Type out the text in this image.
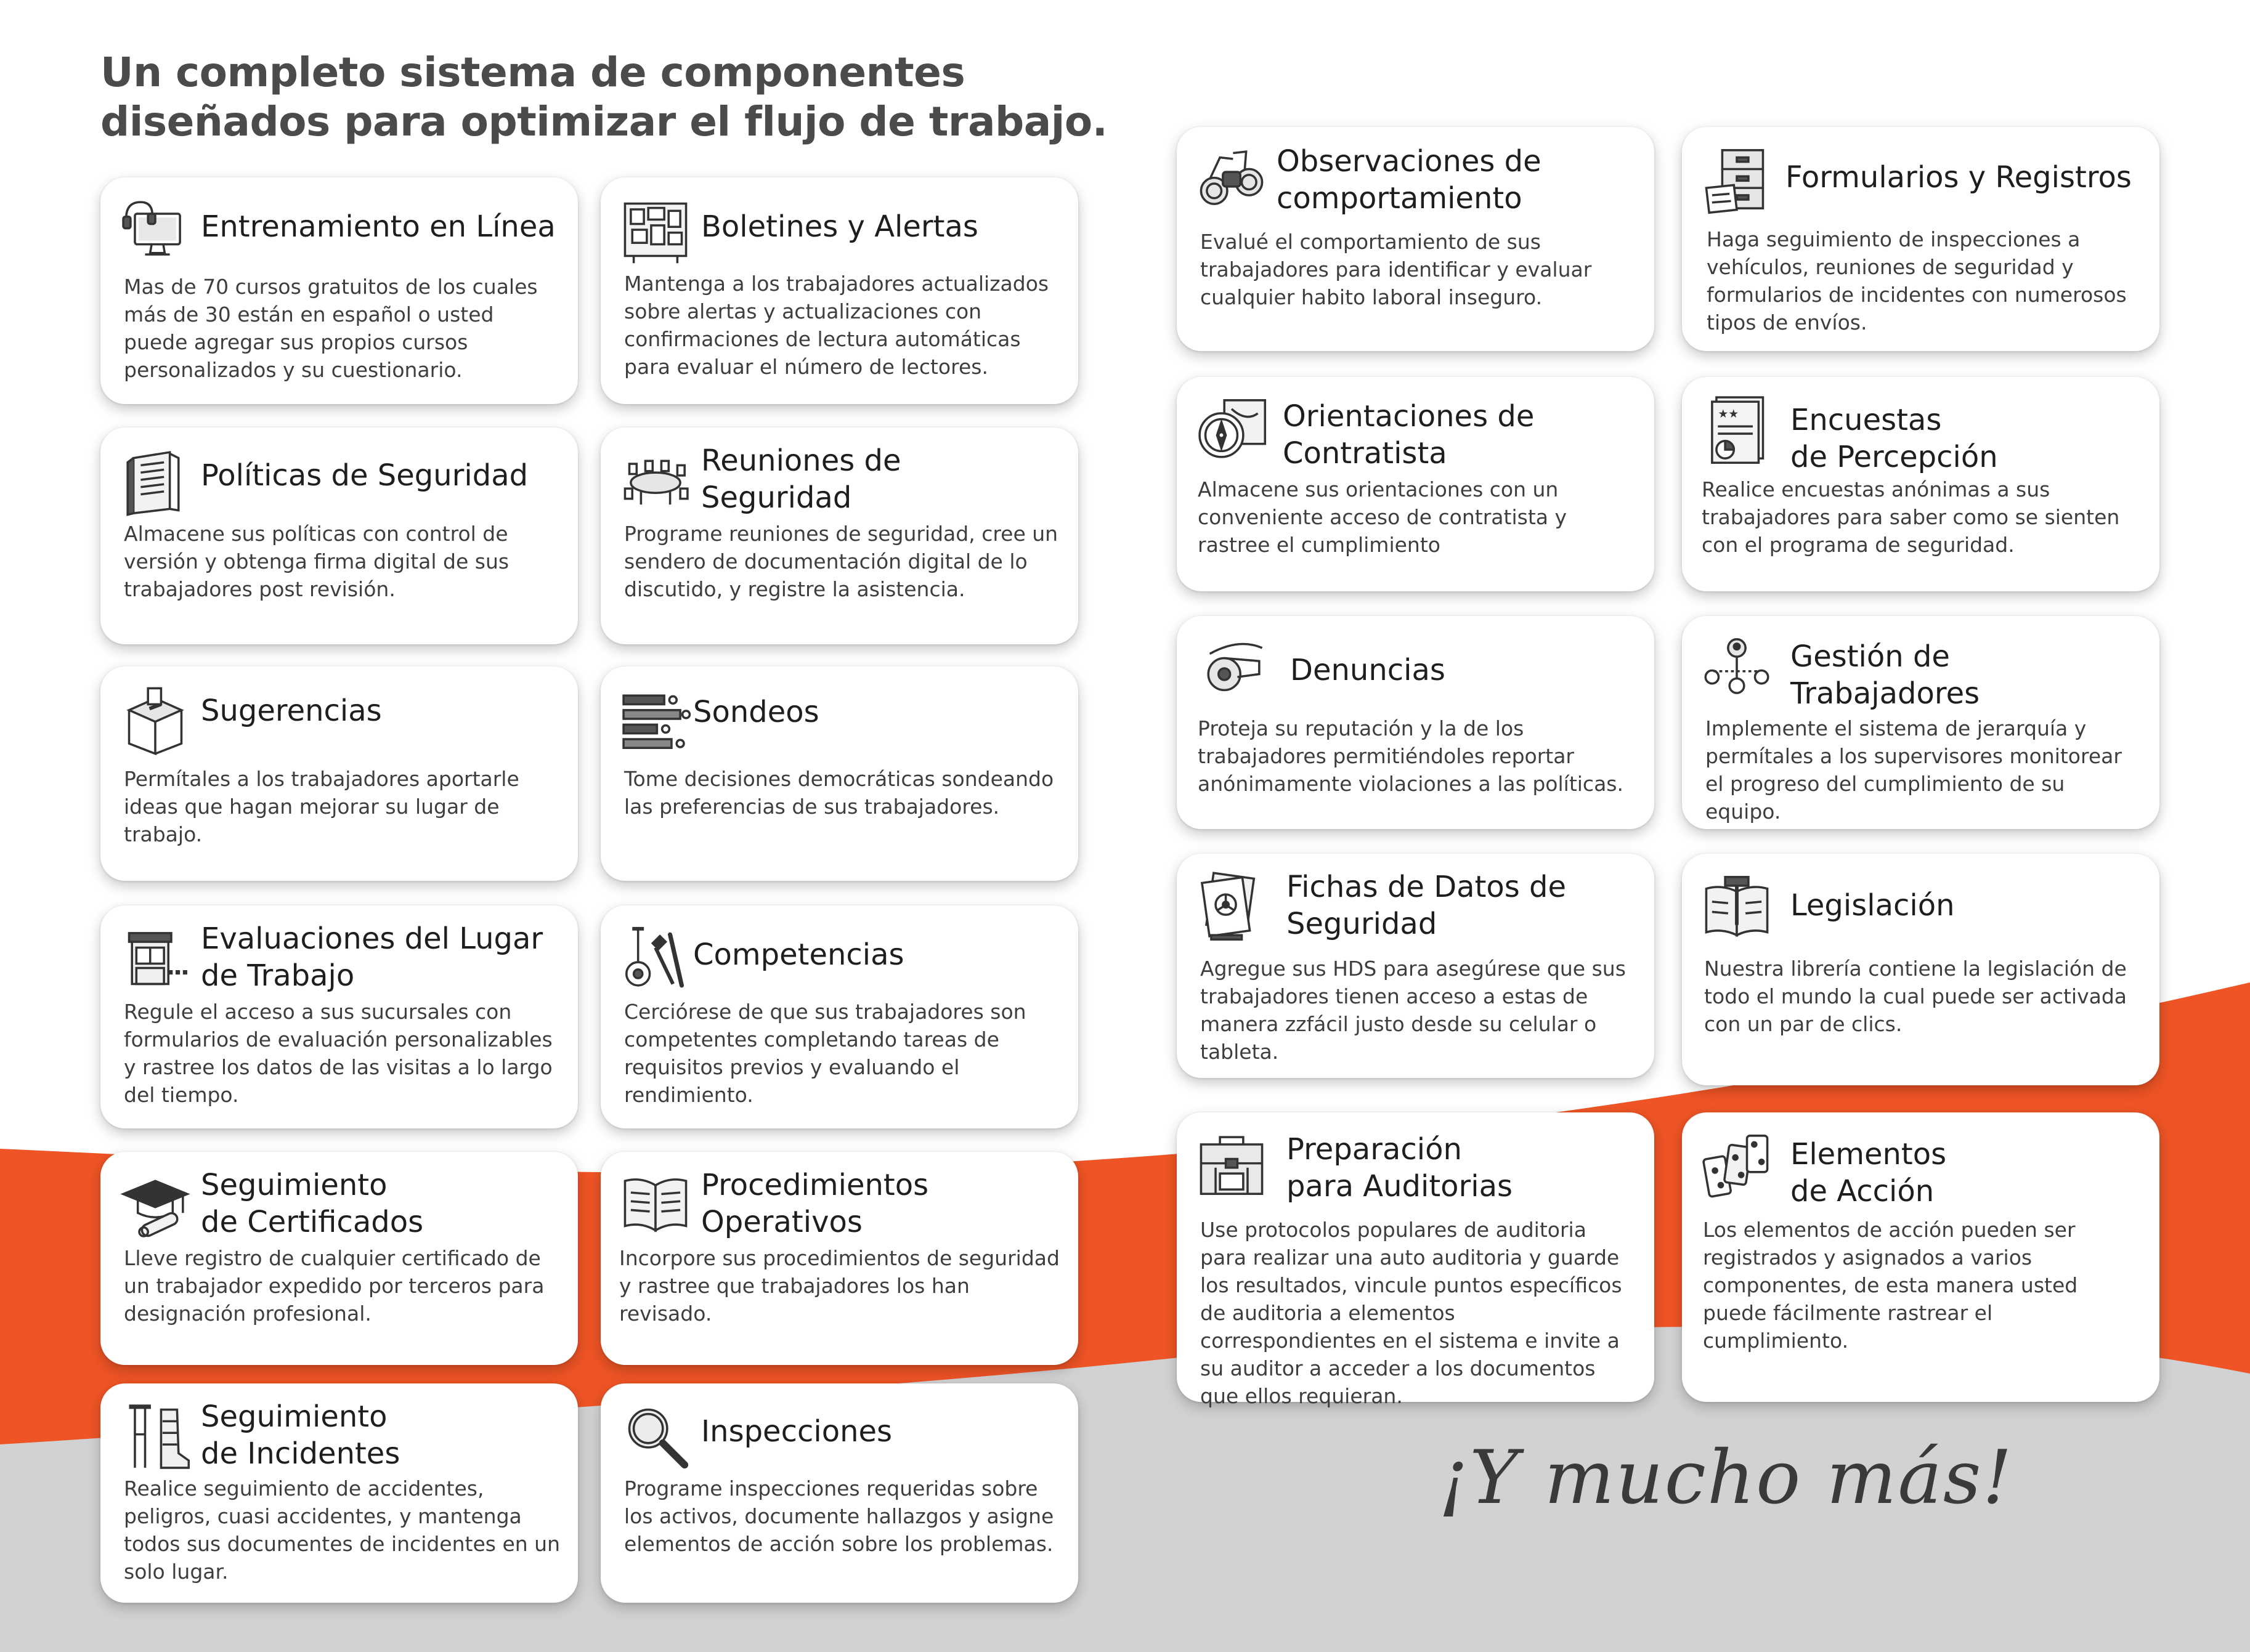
Un completo sistema de componentes
diseñados para optimizar el flujo de trabajo.
Entrenamiento en Línea
Mas de 70 cursos gratuitos de los cuales más de 30 están en español o usted puede agregar sus propios cursos personalizados y su cuestionario.
Políticas de Seguridad
Almacene sus políticas con control de versión y obtenga firma digital de sus trabajadores post revisión.
Sugerencias
Permítales a los trabajadores aportarle ideas que hagan mejorar su lugar de trabajo.
Evaluaciones del Lugar
de Trabajo
Regule el acceso a sus sucursales con formularios de evaluación personalizables y rastree los datos de las visitas a lo largo del tiempo.
Seguimiento
de Certificados
Lleve registro de cualquier certificado de un trabajador expedido por terceros para designación profesional.
Seguimiento
de Incidentes
Realice seguimiento de accidentes, peligros, cuasi accidentes, y mantenga todos sus documentes de incidentes en un solo lugar.
Boletines y Alertas
Mantenga a los trabajadores actualizados sobre alertas y actualizaciones con confirmaciones de lectura automáticas para evaluar el número de lectores.
Reuniones de
Seguridad
Programe reuniones de seguridad, cree un sendero de documentación digital de lo discutido, y registre la asistencia.
Sondeos
Tome decisiones democráticas sondeando las preferencias de sus trabajadores.
Competencias
Cerciórese de que sus trabajadores son competentes completando tareas de requisitos previos y evaluando el rendimiento.
Procedimientos
Operativos
Incorpore sus procedimientos de seguridad y rastree que trabajadores los han revisado.
Inspecciones
Programe inspecciones requeridas sobre los activos, documente hallazgos y asigne elementos de acción sobre los problemas.
Observaciones de
comportamiento
Evalué el comportamiento de sus trabajadores para identificar y evaluar cualquier habito laboral inseguro.
Orientaciones de
Contratista
Almacene sus orientaciones con un conveniente acceso de contratista y rastree el cumplimiento
Denuncias
Proteja su reputación y la de los trabajadores permitiéndoles reportar anónimamente violaciones a las políticas.
Fichas de Datos de
Seguridad
Agregue sus HDS para asegúrese que sus trabajadores tienen acceso a estas de manera zzfácil justo desde su celular o tableta.
Preparación
para Auditorias
Use protocolos populares de auditoria para realizar una auto auditoria y guarde los resultados, vincule puntos específicos de auditoria a elementos correspondientes en el sistema e invite a su auditor a acceder a los documentos que ellos requieran.
Formularios y Registros
Haga seguimiento de inspecciones a vehículos, reuniones de seguridad y formularios de incidentes con numerosos tipos de envíos.
★★ Encuestas
de Percepción
Realice encuestas anónimas a sus trabajadores para saber como se sienten con el programa de seguridad.
Gestión de
Trabajadores
Implemente el sistema de jerarquía y permítales a los supervisores monitorear el progreso del cumplimiento de su equipo.
Legislación
Nuestra librería contiene la legislación de todo el mundo la cual puede ser activada con un par de clics.
Elementos
de Acción
Los elementos de acción pueden ser registrados y asignados a varios componentes, de esta manera usted puede fácilmente rastrear el cumplimiento.
¡Y mucho más!
